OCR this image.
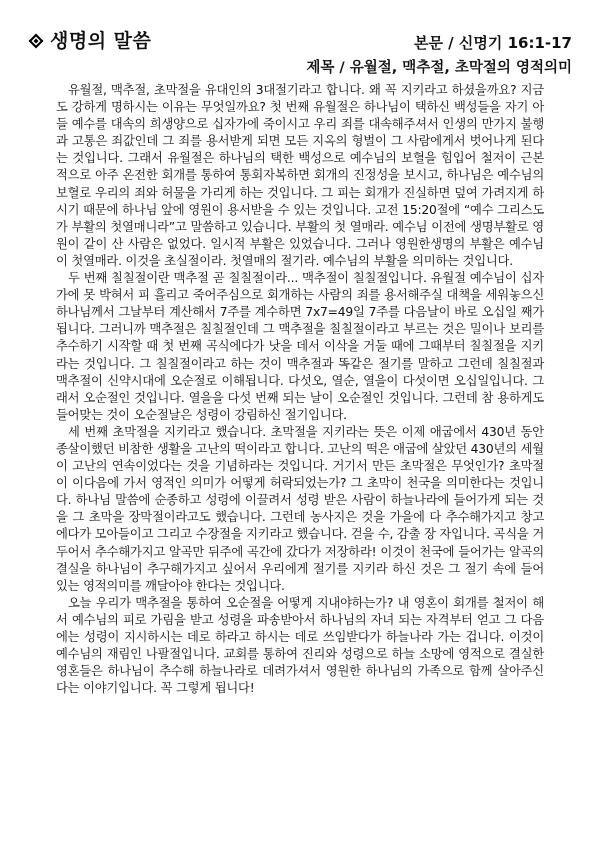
생명의 말씀	본문 / 신명기 16:1-17
제목 / 유월절, 맥추절, 초막절의 영적의미

유월절, 맥추절, 초막절을 유대인의 3대절기라고 합니다. 왜 꼭 지키라고 하셨을까요? 지금도 강하게 명하시는 이유는 무엇일까요? 첫 번째 유월절은 하나님이 택하신 백성들을 자기 아들 예수를 대속의 희생양으로 십자가에 죽이시고 우리 죄를 대속해주셔서 인생의 만가지 불행과 고통은 죄값인데 그 죄를 용서받게 되면 모든 지옥의 형벌이 그 사람에게서 벗어나게 된다는 것입니다. 그래서 유월절은 하나님의 택한 백성으로 예수님의 보혈을 힘입어 철저이 근본적으로 아주 온전한 회개를 통하여 통회자복하면 회개의 진정성을 보시고, 하나님은 예수님의 보혈로 우리의 죄와 허물을 가리게 하는 것입니다. 그 피는 회개가 진실하면 덮여 가려지게 하시기 때문에 하나님 앞에 영원이 용서받을 수 있는 것입니다. 고전 15:20절에 “예수 그리스도가 부활의 첫열매니라”고 말씀하고 있습니다. 부활의 첫 열매라. 예수님 이전에 생명부활로 영원이 같이 산 사람은 없었다. 일시적 부활은 있었습니다. 그러나 영원한생명의 부활은 예수님이 첫열매라. 이것을 초실절이라. 첫열매의 절기라. 예수님의 부활을 의미하는 것입니다.

두 번째 칠칠절이란 맥추절 곧 칠칠절이라... 맥추절이 칠칠절입니다. 유월절 예수님이 십자가에 못 박혀서 피 흘리고 죽어주심으로 회개하는 사람의 죄를 용서해주실 대책을 세워놓으신 하나님께서 그날부터 계산해서 7주를 계수하면 7x7=49일 7주를 다음날이 바로 오십일 째가 됩니다. 그러니까 맥추절은 칠칠절인데 그 맥추절을 칠칠절이라고 부르는 것은 밀이나 보리를 추수하기 시작할 때 첫 번째 곡식에다가 낫을 데서 이삭을 거둘 때에 그때부터 칠칠절을 지키라는 것입니다. 그 칠칠절이라고 하는 것이 맥추절과 똑같은 절기를 말하고 그런데 칠칠절과 맥추절이 신약시대에 오순절로 이해됩니다. 다섯오, 열순, 열을이 다섯이면 오십일입니다. 그래서 오순절인 것입니다. 열을을 다섯 번째 되는 날이 오순절인 것입니다. 그런데 참 용하게도 들어맞는 것이 오순절날은 성령이 강림하신 절기입니다.

세 번째 초막절을 지키라고 했습니다. 초막절을 지키라는 뜻은 이제 애굽에서 430년 동안 종살이했던 비참한 생활을 고난의 떡이라고 합니다. 고난의 떡은 애굽에 살았던 430년의 세월이 고난의 연속이었다는 것을 기념하라는 것입니다. 거기서 만든 초막절은 무엇인가? 초막절이 이다음에 가서 영적인 의미가 어떻게 허락되었는가? 그 초막이 천국을 의미한다는 것입니다. 하나님 말씀에 순종하고 성령에 이끌려서 성령 받은 사람이 하늘나라에 들어가게 되는 것을 그 초막을 장막절이라고도 했습니다. 그런데 농사지은 것을 가을에 다 추수해가지고 창고에다가 모아들이고 그리고 수장절을 지키라고 했습니다. 걷을 수, 감출 장 자입니다. 곡식을 거두어서 추수해가지고 알곡만 뒤주에 곡간에 갔다가 저장하라! 이것이 천국에 들어가는 알곡의 결실을 하나님이 추구해가지고 싶어서 우리에게 절기를 지키라 하신 것은 그 절기 속에 들어있는 영적의미를 깨달아야 한다는 것입니다.

오늘 우리가 맥추절을 통하여 오순절을 어떻게 지내야하는가? 내 영혼이 회개를 철저이 해서 예수님의 피로 가림을 받고 성령을 파송받아서 하나님의 자녀 되는 자격부터 얻고 그 다음에는 성령이 지시하시는 데로 하라고 하시는 데로 쓰임받다가 하늘나라 가는 겁니다. 이것이 예수님의 재림인 나팔절입니다. 교회를 통하여 진리와 성령으로 하늘 소망에 영적으로 결실한 영혼들은 하나님이 추수해 하늘나라로 데려가셔서 영원한 하나님의 가족으로 함께 살아주신다는 이야기입니다. 꼭 그렇게 됩니다!
